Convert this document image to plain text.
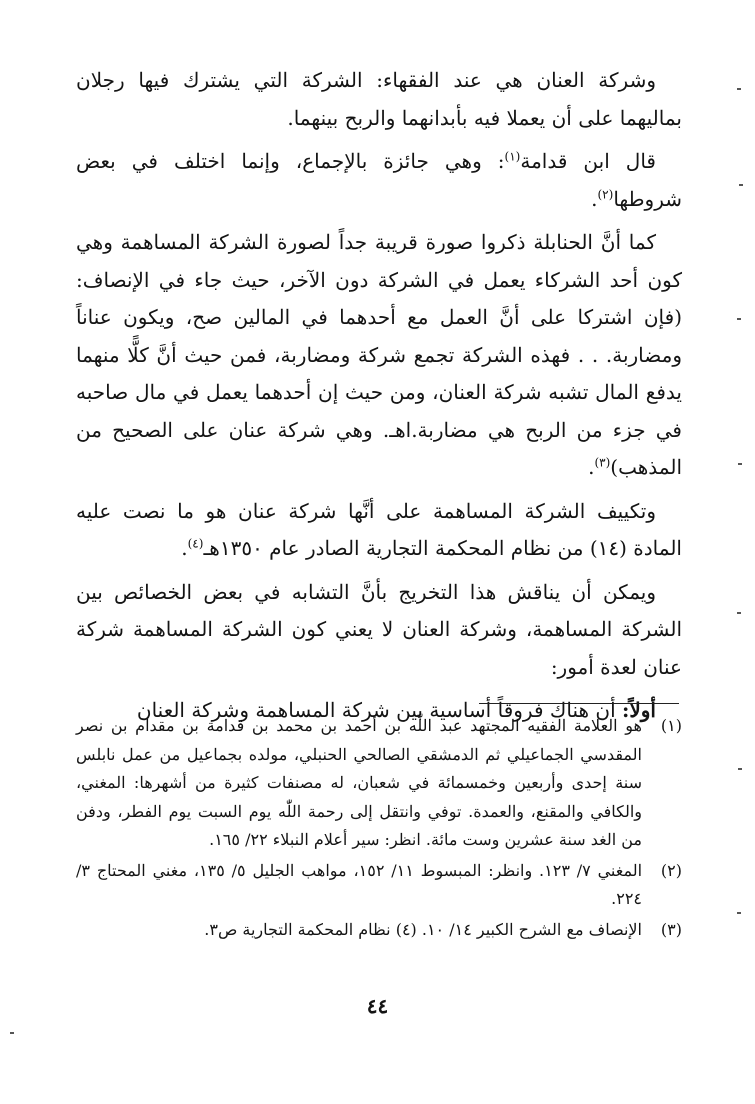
وشركة العنان هي عند الفقهاء: الشركة التي يشترك فيها رجلان بماليهما على أن يعملا فيه بأبدانهما والربح بينهما.

قال ابن قدامة$^{(١)}$: وهي جائزة بالإجماع، وإنما اختلف في بعض شروطها$^{(٢)}$.

كما أنَّ الحنابلة ذكروا صورة قريبة جداً لصورة الشركة المساهمة وهي كون أحد الشركاء يعمل في الشركة دون الآخر، حيث جاء في الإنصاف: (فإن اشتركا على أنَّ العمل مع أحدهما في المالين صح، ويكون عناناً ومضاربة. . . فهذه الشركة تجمع شركة ومضاربة، فمن حيث أنَّ كلًّا منهما يدفع المال تشبه شركة العنان، ومن حيث إن أحدهما يعمل في مال صاحبه في جزء من الربح هي مضاربة.اهـ. وهي شركة عنان على الصحيح من المذهب)$^{(٣)}$.

وتكييف الشركة المساهمة على أنَّها شركة عنان هو ما نصت عليه المادة (١٤) من نظام المحكمة التجارية الصادر عام ١٣٥٠هـ$^{(٤)}$.

ويمكن أن يناقش هذا التخريج بأنَّ التشابه في بعض الخصائص بين الشركة المساهمة، وشركة العنان لا يعني كون الشركة المساهمة شركة عنان لعدة أمور:

أولاً: أن هناك فروقاً أساسية بين شركة المساهمة وشركة العنان

(١)
هو العلامة الفقيه المجتهد عبد اللّٰه بن أحمد بن محمد بن قدامة بن مقدام بن نصر المقدسي الجماعيلي ثم الدمشقي الصالحي الحنبلي، مولده بجماعيل من عمل نابلس سنة إحدى وأربعين وخمسمائة في شعبان، له مصنفات كثيرة من أشهرها: المغني، والكافي والمقنع، والعمدة. توفي وانتقل إلى رحمة اللّٰه يوم السبت يوم الفطر، ودفن من الغد سنة عشرين وست مائة. انظر: سير أعلام النبلاء ٢٢/ ١٦٥.
(٢)
المغني ٧/ ١٢٣. وانظر: المبسوط ١١/ ١٥٢، مواهب الجليل ٥/ ١٣٥، مغني المحتاج ٣/ ٢٢٤.
(٣)
الإنصاف مع الشرح الكبير ١٤/ ١٠. (٤) نظام المحكمة التجارية ص٣.
٤٤
